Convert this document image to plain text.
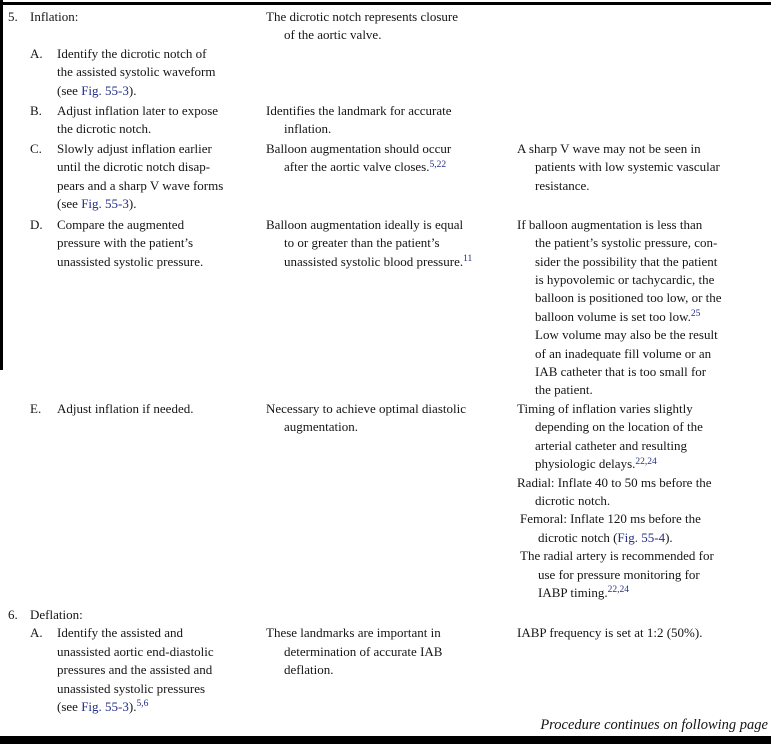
5. Inflation:	The dicrotic notch represents closure
of the aortic valve.

A. Identify the dicrotic notch of
the assisted systolic waveform
(see Fig. 55-3).

B. Adjust inflation later to expose
the dicrotic notch.

Identifies the landmark for accurate
inflation.

C. Slowly adjust inflation earlier
until the dicrotic notch disap-
pears and a sharp V wave forms
(see Fig. 55-3).

Balloon augmentation should occur
after the aortic valve closes.$^{5,22}$

A sharp V wave may not be seen in
patients with low systemic vascular
resistance.

D. Compare the augmented
pressure with the patient’s
unassisted systolic pressure.

Balloon augmentation ideally is equal
to or greater than the patient’s
unassisted systolic blood pressure.$^{11}$

If balloon augmentation is less than
the patient’s systolic pressure, con-
sider the possibility that the patient
is hypovolemic or tachycardic, the
balloon is positioned too low, or the
balloon volume is set too low.$^{25}$

Low volume may also be the result
of an inadequate fill volume or an
IAB catheter that is too small for
the patient.

E. Adjust inflation if needed.	Necessary to achieve optimal diastolic
augmentation.

Timing of inflation varies slightly
depending on the location of the
arterial catheter and resulting
physiologic delays.$^{22,24}$

Radial: Inflate 40 to 50 ms before the
dicrotic notch.

Femoral: Inflate 120 ms before the
dicrotic notch (Fig. 55-4).

The radial artery is recommended for
use for pressure monitoring for
IABP timing.$^{22,24}$

6. Deflation:

A. Identify the assisted and
unassisted aortic end-diastolic
pressures and the assisted and
unassisted systolic pressures
(see Fig. 55-3).$^{5,6}$

These landmarks are important in
determination of accurate IAB
deflation.

IABP frequency is set at 1:2 (50%).

Procedure continues on following page
